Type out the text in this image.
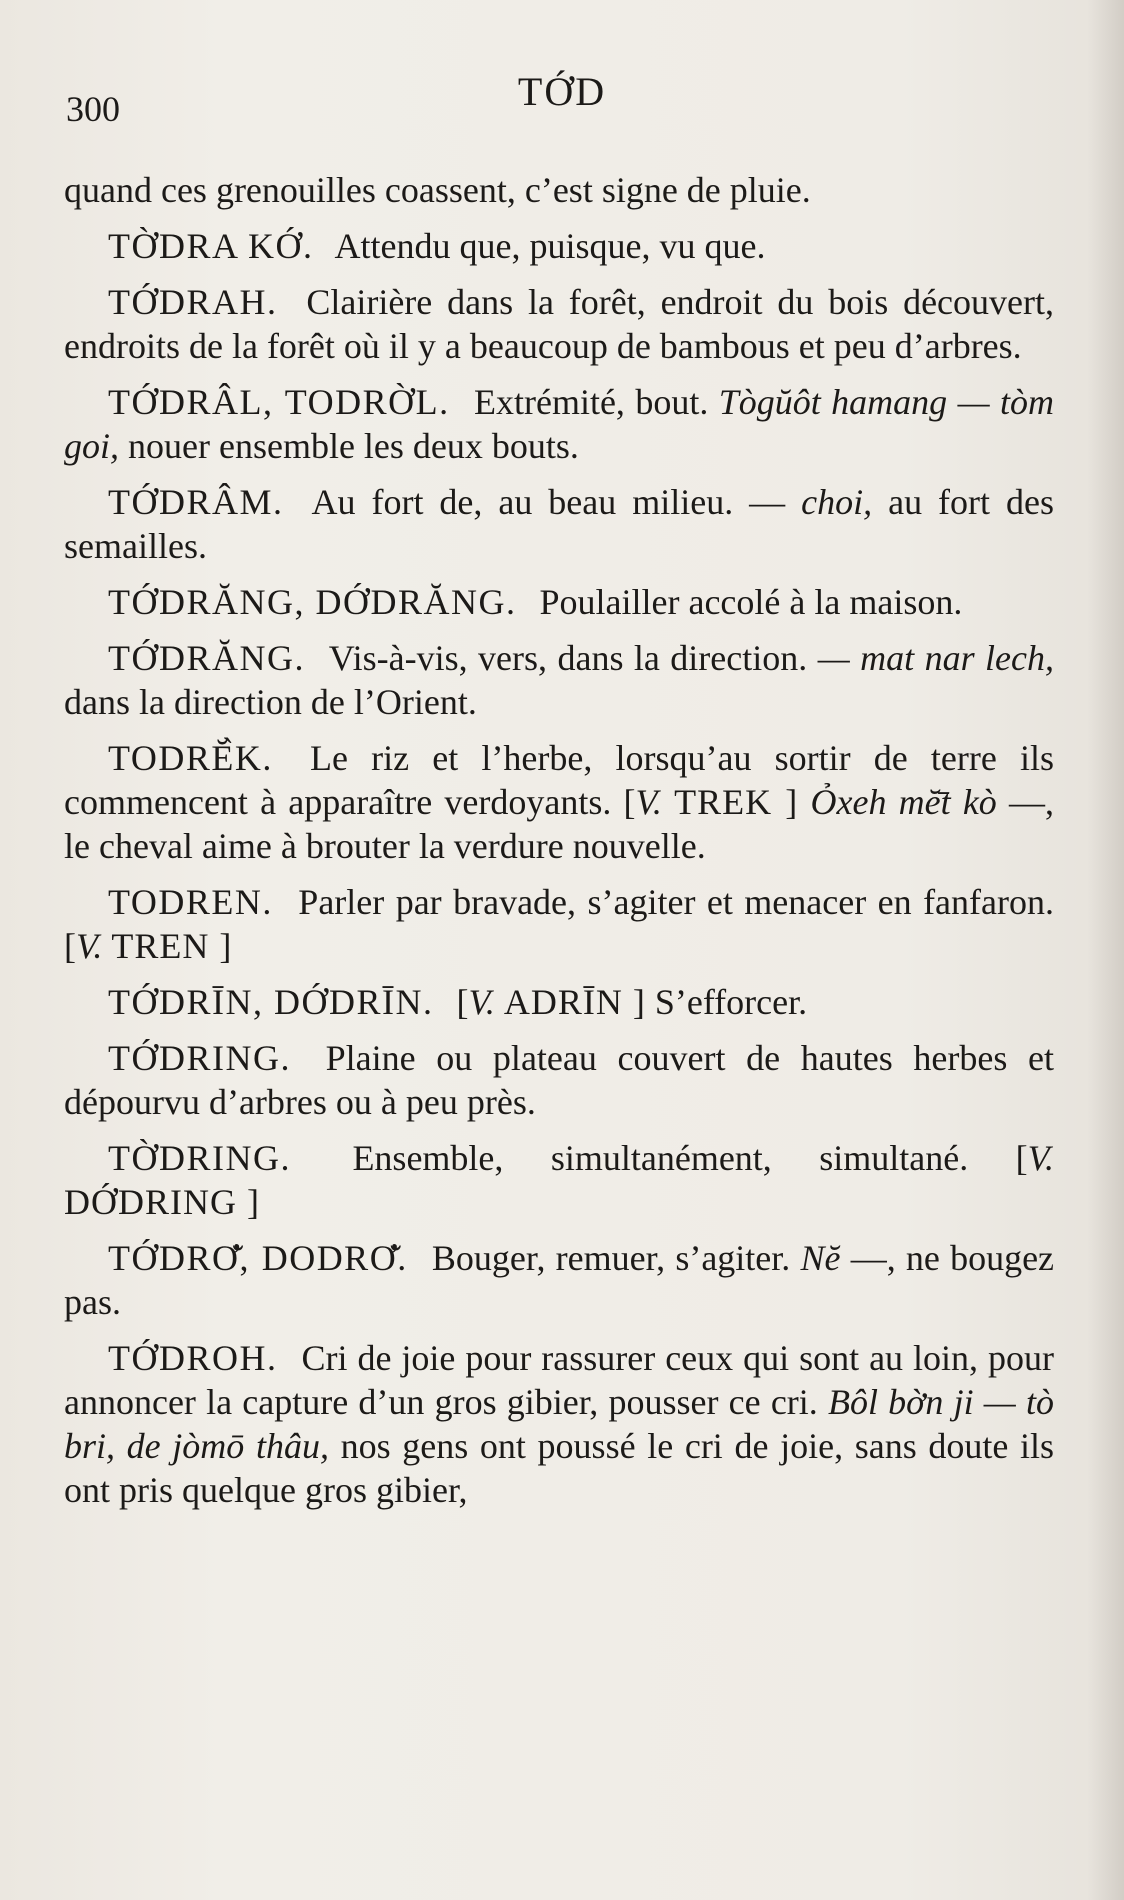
300	TỚD

quand ces grenouilles coassent, c’est signe de pluie.

TỜDRA KỚ. Attendu que, puisque, vu que.

TỚDRAH. Clairière dans la forêt, endroit du bois découvert, endroits de la forêt où il y a beaucoup de bambous et peu d’arbres.

TỚDRÂL, TODRỜL. Extrémité, bout. Tògŭôt hamang — tòm goi, nouer ensemble les deux bouts.

TỚDRÂM. Au fort de, au beau milieu. — choi, au fort des semailles.

TỚDRĂNG, DỚDRĂNG. Poulailler accolé à la maison.

TỚDRĂNG. Vis-à-vis, vers, dans la direction. — mat nar lech, dans la direction de l’Orient.

TODRĔ̀K. Le riz et l’herbe, lorsqu’au sortir de terre ils commencent à apparaître verdoyants. [V. TREK ] Ỏxeh mĕ̄t kò —, le cheval aime à brouter la verdure nouvelle.

TODREN. Parler par bravade, s’agiter et menacer en fanfaron. [V. TREN ]

TỚDRĪN, DỚDRĪN. [V. ADRĪN ] S’efforcer.

TỚDRING. Plaine ou plateau couvert de hautes herbes et dépourvu d’arbres ou à peu près.

TỜDRING. Ensemble, simultanément, simultané. [V. DỚDRING ]

TỚDRƠ̆, DODRƠ̆. Bouger, remuer, s’agiter. Nĕ —, ne bougez pas.

TỚDROH. Cri de joie pour rassurer ceux qui sont au loin, pour annoncer la capture d’un gros gibier, pousser ce cri. Bôl bờn ji — tò bri, de jòmō thâu, nos gens ont poussé le cri de joie, sans doute ils ont pris quelque gros gibier,
